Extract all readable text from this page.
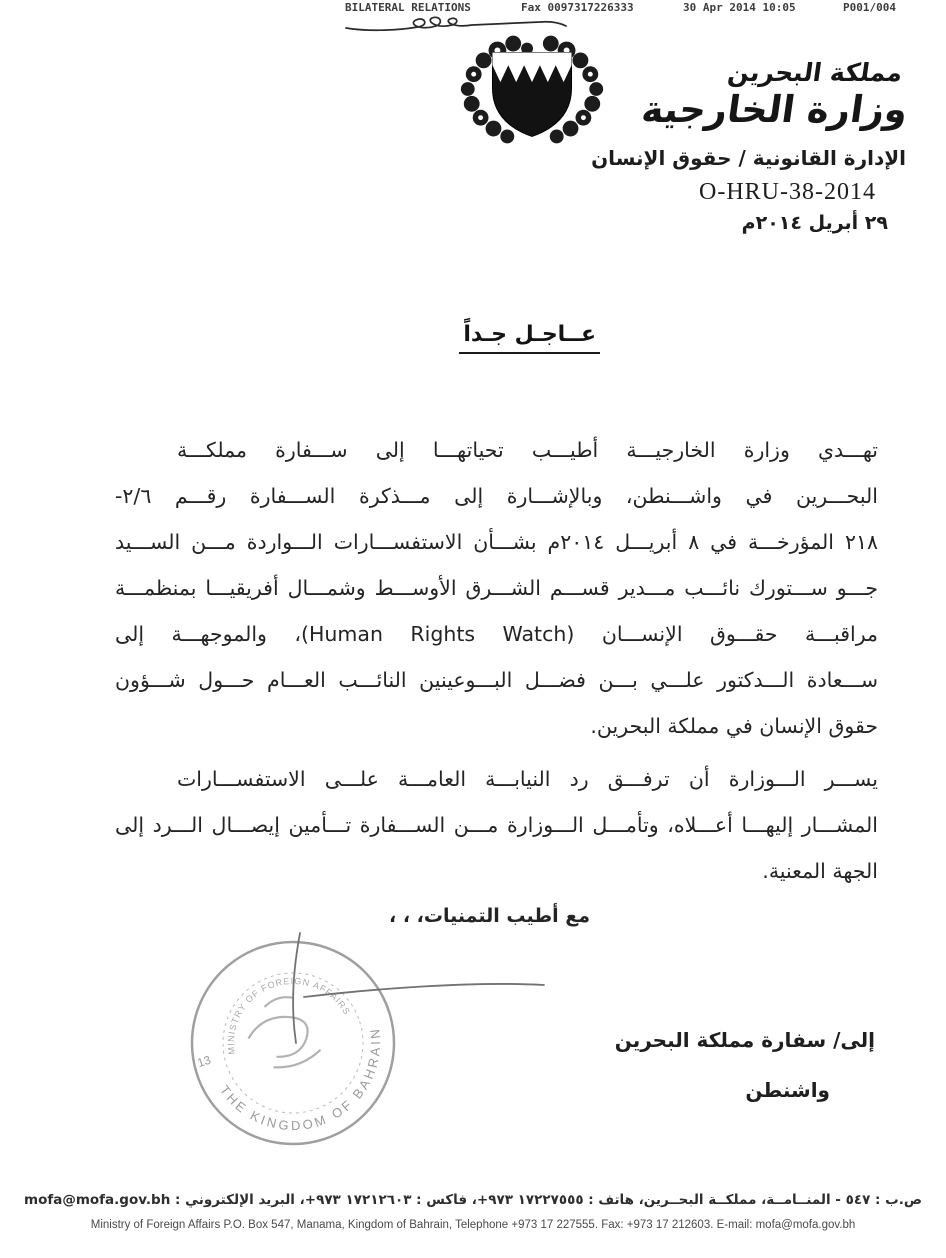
BILATERAL RELATIONS	Fax 0097317226333	30 Apr 2014 10:05	P001/004
مملكة البحرين
وزارة الخارجية
الإدارة القانونية / حقوق الإنسان
O-HRU-38-2014
٢٩ أبريل ٢٠١٤م
عــاجـل جـداً
تهـــدي وزارة الخارجيـــة أطيـــب تحياتهـــا إلى ســـفارة مملكـــة
البحـــرين في واشـــنطن، وبالإشـــارة إلى مـــذكرة الســـفارة رقـــم ٢/٦-
٢١٨ المؤرخـــة في ٨ أبريـــل ٢٠١٤م بشـــأن الاستفســـارات الـــواردة مـــن الســـيد
جـــو ســـتورك نائـــب مـــدير قســـم الشـــرق الأوســـط وشمـــال أفريقيـــا بمنظمـــة
مراقبـــة حقـــوق الإنســـان (Human Rights Watch)، والموجهـــة إلى
ســـعادة الـــدكتور علـــي بـــن فضـــل البـــوعينين النائـــب العـــام حـــول شـــؤون
حقوق الإنسان في مملكة البحرين.
يســـر الـــوزارة أن ترفـــق رد النيابـــة العامـــة علـــى الاستفســـارات
المشـــار إليهـــا أعـــلاه، وتأمـــل الـــوزارة مـــن الســـفارة تـــأمين إيصـــال الـــرد إلى
الجهة المعنية.
مع أطيب التمنيات، ، ،
THE KINGDOM OF BAHRAIN
MINISTRY OF FOREIGN AFFAIRS
13
إلى/ سفارة مملكة البحرين
واشنطن
ص.ب : ٥٤٧ - المنــامــة، مملكــة البحــرين، هاتف : ١٧٢٢٧٥٥٥ ٩٧٣+، فاكس : ١٧٢١٢٦٠٣ ٩٧٣+، البريد الإلكتروني : mofa@mofa.gov.bh
Ministry of Foreign Affairs P.O. Box 547, Manama, Kingdom of Bahrain, Telephone +973 17 227555. Fax: +973 17 212603. E-mail: mofa@mofa.gov.bh
